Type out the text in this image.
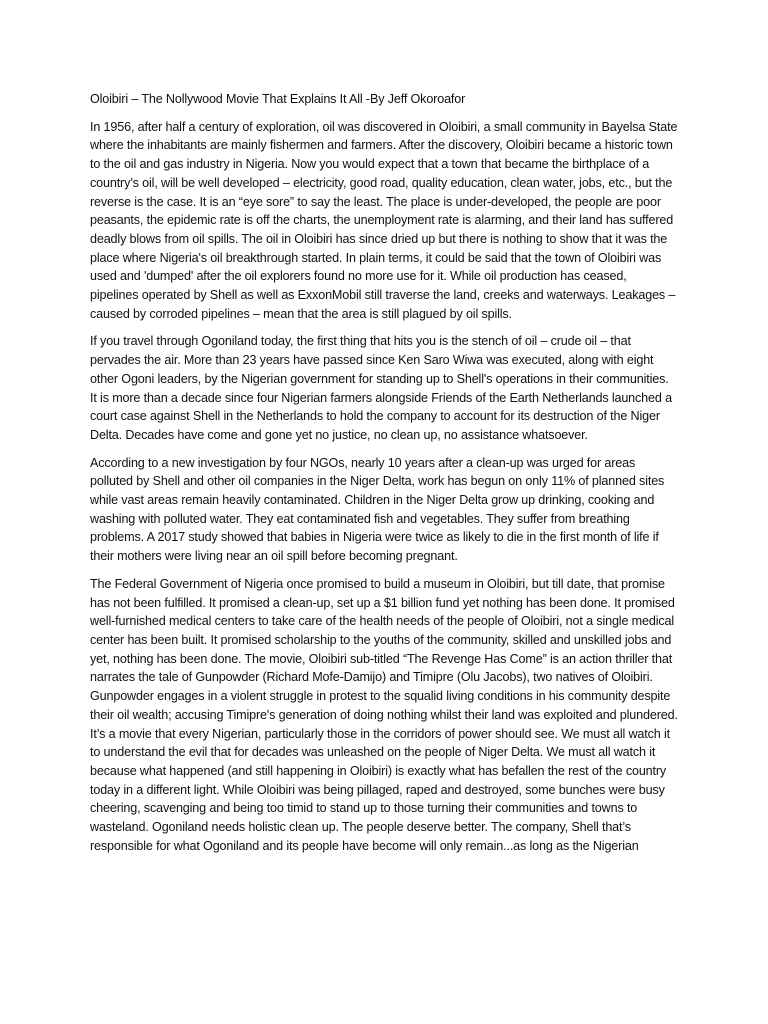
Oloibiri – The Nollywood Movie That Explains It All -By Jeff Okoroafor

In 1956, after half a century of exploration, oil was discovered in Oloibiri, a small community in Bayelsa State where the inhabitants are mainly fishermen and farmers. After the discovery, Oloibiri became a historic town to the oil and gas industry in Nigeria. Now you would expect that a town that became the birthplace of a country’s oil, will be well developed – electricity, good road, quality education, clean water, jobs, etc., but the reverse is the case. It is an “eye sore” to say the least. The place is under-developed, the people are poor peasants, the epidemic rate is off the charts, the unemployment rate is alarming, and their land has suffered deadly blows from oil spills. The oil in Oloibiri has since dried up but there is nothing to show that it was the place where Nigeria's oil breakthrough started. In plain terms, it could be said that the town of Oloibiri was used and 'dumped' after the oil explorers found no more use for it. While oil production has ceased, pipelines operated by Shell as well as ExxonMobil still traverse the land, creeks and waterways. Leakages – caused by corroded pipelines – mean that the area is still plagued by oil spills.

If you travel through Ogoniland today, the first thing that hits you is the stench of oil – crude oil – that pervades the air. More than 23 years have passed since Ken Saro Wiwa was executed, along with eight other Ogoni leaders, by the Nigerian government for standing up to Shell's operations in their communities. It is more than a decade since four Nigerian farmers alongside Friends of the Earth Netherlands launched a court case against Shell in the Netherlands to hold the company to account for its destruction of the Niger Delta. Decades have come and gone yet no justice, no clean up, no assistance whatsoever.

According to a new investigation by four NGOs, nearly 10 years after a clean-up was urged for areas polluted by Shell and other oil companies in the Niger Delta, work has begun on only 11% of planned sites while vast areas remain heavily contaminated. Children in the Niger Delta grow up drinking, cooking and washing with polluted water. They eat contaminated fish and vegetables. They suffer from breathing problems. A 2017 study showed that babies in Nigeria were twice as likely to die in the first month of life if their mothers were living near an oil spill before becoming pregnant.

The Federal Government of Nigeria once promised to build a museum in Oloibiri, but till date, that promise has not been fulfilled. It promised a clean-up, set up a $1 billion fund yet nothing has been done. It promised well-furnished medical centers to take care of the health needs of the people of Oloibiri, not a single medical center has been built. It promised scholarship to the youths of the community, skilled and unskilled jobs and yet, nothing has been done. The movie, Oloibiri sub-titled “The Revenge Has Come” is an action thriller that narrates the tale of Gunpowder (Richard Mofe-Damijo) and Timipre (Olu Jacobs), two natives of Oloibiri. Gunpowder engages in a violent struggle in protest to the squalid living conditions in his community despite their oil wealth; accusing Timipre's generation of doing nothing whilst their land was exploited and plundered. It’s a movie that every Nigerian, particularly those in the corridors of power should see. We must all watch it to understand the evil that for decades was unleashed on the people of Niger Delta. We must all watch it because what happened (and still happening in Oloibiri) is exactly what has befallen the rest of the country today in a different light. While Oloibiri was being pillaged, raped and destroyed, some bunches were busy cheering, scavenging and being too timid to stand up to those turning their communities and towns to wasteland. Ogoniland needs holistic clean up. The people deserve better. The company, Shell that’s responsible for what Ogoniland and its people have become will only remain...as long as the Nigerian
